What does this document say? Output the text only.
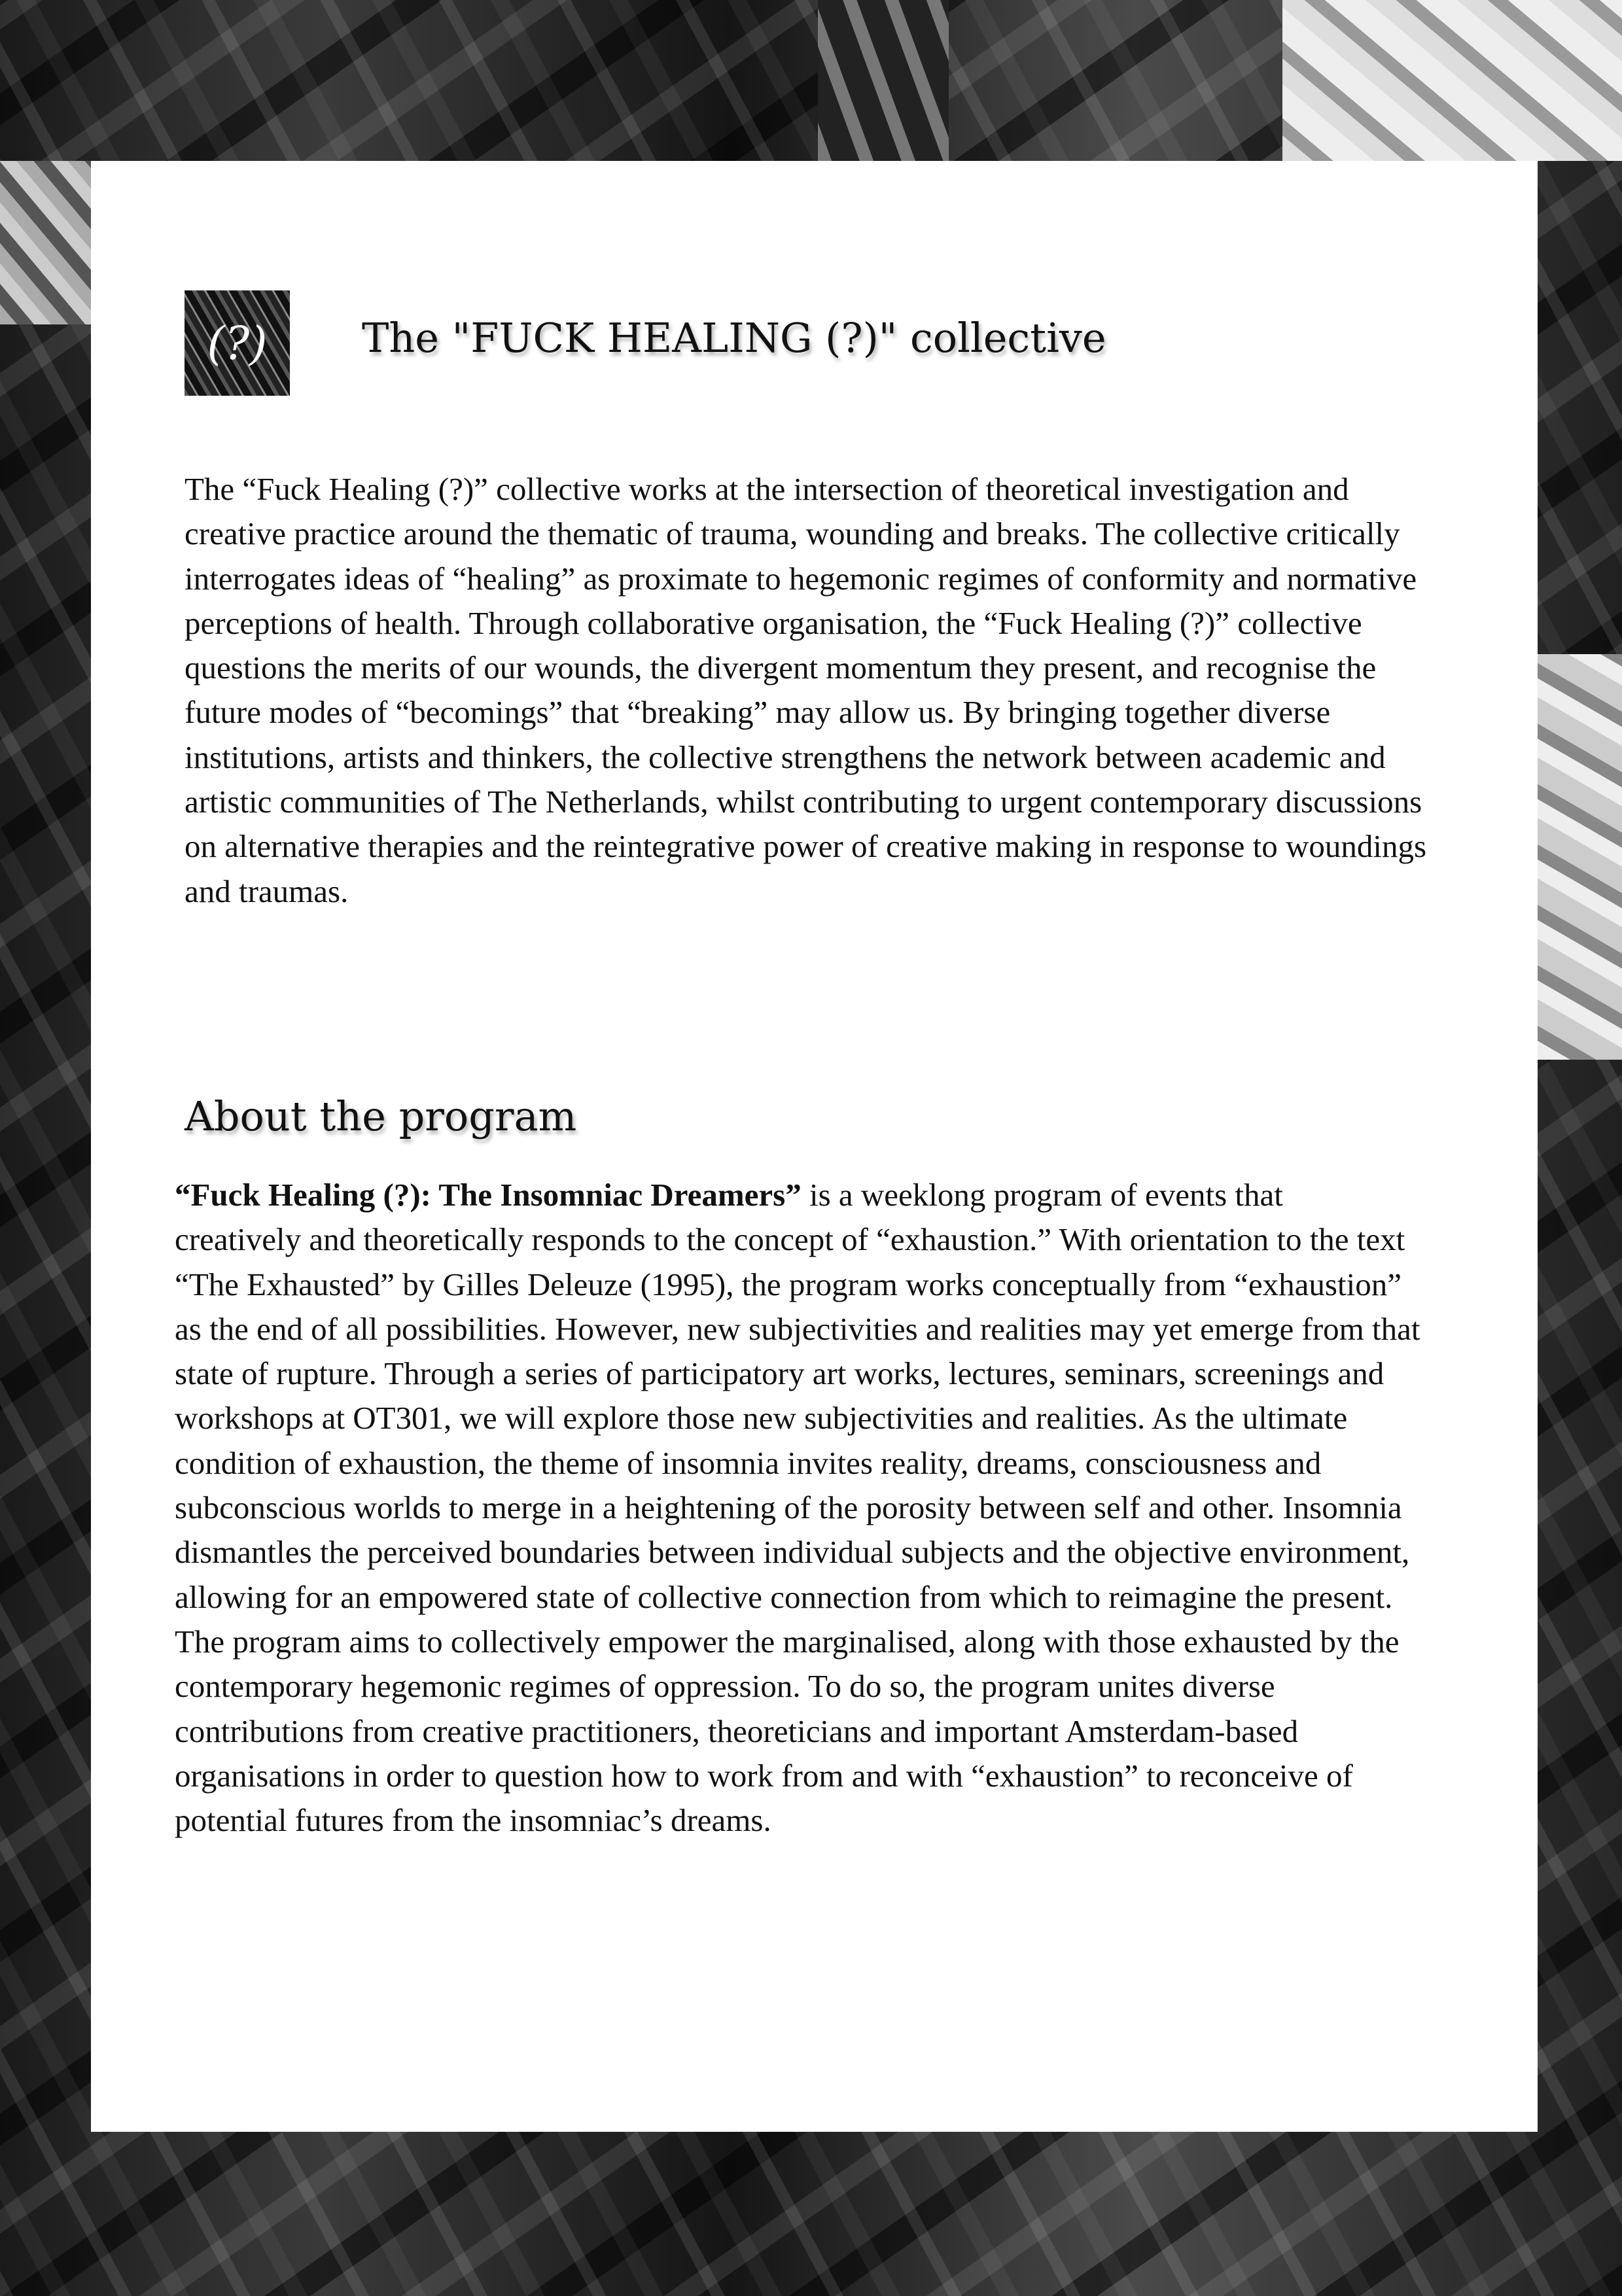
(?) The "FUCK HEALING (?)" collective
The “Fuck Healing (?)” collective works at the intersection of theoretical investigation and
creative practice around the thematic of trauma, wounding and breaks. The collective critically
interrogates ideas of “healing” as proximate to hegemonic regimes of conformity and normative
perceptions of health. Through collaborative organisation, the “Fuck Healing (?)” collective
questions the merits of our wounds, the divergent momentum they present, and recognise the
future modes of “becomings” that “breaking” may allow us. By bringing together diverse
institutions, artists and thinkers, the collective strengthens the network between academic and
artistic communities of The Netherlands, whilst contributing to urgent contemporary discussions
on alternative therapies and the reintegrative power of creative making in response to woundings
and traumas.
About the program
“Fuck Healing (?): The Insomniac Dreamers” is a weeklong program of events that
creatively and theoretically responds to the concept of “exhaustion.” With orientation to the text
“The Exhausted” by Gilles Deleuze (1995), the program works conceptually from “exhaustion”
as the end of all possibilities. However, new subjectivities and realities may yet emerge from that
state of rupture. Through a series of participatory art works, lectures, seminars, screenings and
workshops at OT301, we will explore those new subjectivities and realities. As the ultimate
condition of exhaustion, the theme of insomnia invites reality, dreams, consciousness and
subconscious worlds to merge in a heightening of the porosity between self and other. Insomnia
dismantles the perceived boundaries between individual subjects and the objective environment,
allowing for an empowered state of collective connection from which to reimagine the present.
The program aims to collectively empower the marginalised, along with those exhausted by the
contemporary hegemonic regimes of oppression. To do so, the program unites diverse
contributions from creative practitioners, theoreticians and important Amsterdam-based
organisations in order to question how to work from and with “exhaustion” to reconceive of
potential futures from the insomniac’s dreams.
